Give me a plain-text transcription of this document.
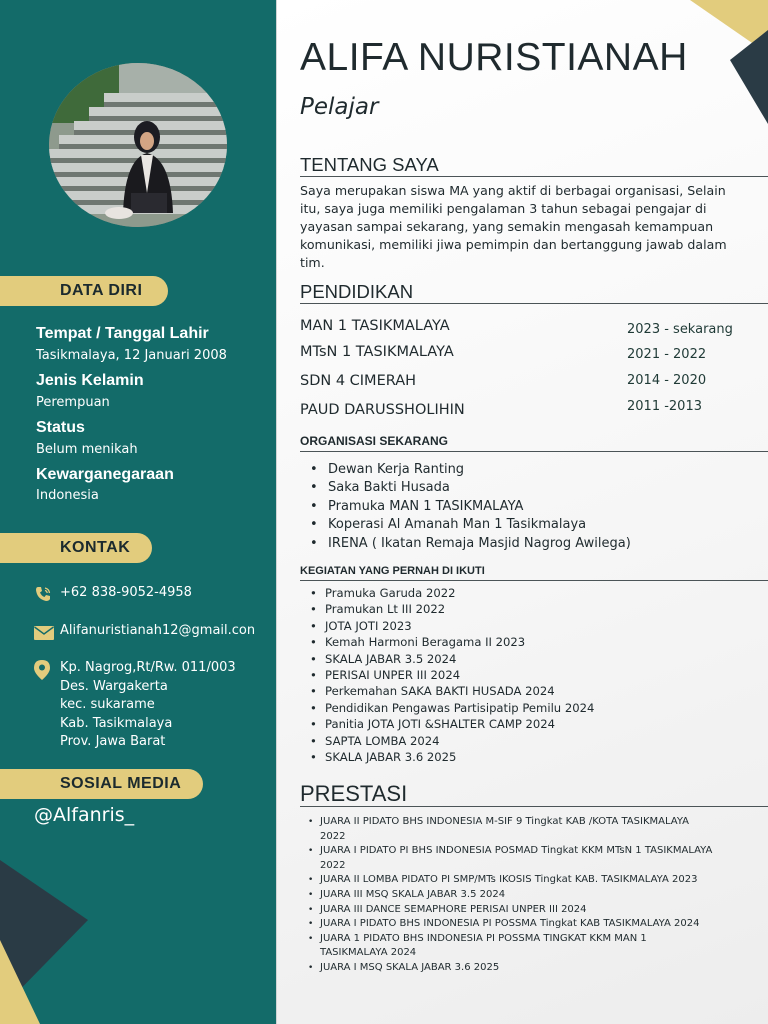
DATA DIRI
Tempat / Tanggal Lahir
Tasikmalaya, 12 Januari 2008
Jenis Kelamin
Perempuan
Status
Belum menikah
Kewarganegaraan
Indonesia
KONTAK
+62 838-9052-4958
Alifanuristianah12@gmail.con
Kp. Nagrog,Rt/Rw. 011/003
Des. Wargakerta
kec. sukarame
Kab. Tasikmalaya
Prov. Jawa Barat
SOSIAL MEDIA
@Alfanris_
ALIFA NURISTIANAH
Pelajar
TENTANG SAYA
Saya merupakan siswa MA yang aktif di berbagai organisasi, Selain itu, saya juga memiliki pengalaman 3 tahun sebagai pengajar di yayasan sampai sekarang, yang semakin mengasah kemampuan komunikasi, memiliki jiwa pemimpin dan bertanggung jawab dalam tim.
PENDIDIKAN
MAN 1 TASIKMALAYA	2023 - sekarang
MTsN 1 TASIKMALAYA	2021 - 2022
SDN 4 CIMERAH	2014 - 2020
PAUD DARUSSHOLIHIN	2011 -2013
ORGANISASI SEKARANG
• Dewan Kerja Ranting
• Saka Bakti Husada
• Pramuka MAN 1 TASIKMALAYA
• Koperasi Al Amanah Man 1 Tasikmalaya
• IRENA ( Ikatan Remaja Masjid Nagrog Awilega)
KEGIATAN YANG PERNAH DI IKUTI
• Pramuka Garuda 2022
• Pramukan Lt III 2022
• JOTA JOTI 2023
• Kemah Harmoni Beragama II 2023
• SKALA JABAR 3.5 2024
• PERISAI UNPER III 2024
• Perkemahan SAKA BAKTI HUSADA 2024
• Pendidikan Pengawas Partisipatip Pemilu 2024
• Panitia JOTA JOTI &SHALTER CAMP 2024
• SAPTA LOMBA 2024
• SKALA JABAR 3.6 2025
PRESTASI
• JUARA II PIDATO BHS INDONESIA M-SIF 9 Tingkat KAB /KOTA TASIKMALAYA 2022
• JUARA I PIDATO PI BHS INDONESIA POSMAD Tingkat KKM MTsN 1 TASIKMALAYA 2022
• JUARA II LOMBA PIDATO PI SMP/MTs IKOSIS Tingkat KAB. TASIKMALAYA 2023
• JUARA III MSQ SKALA JABAR 3.5 2024
• JUARA III DANCE SEMAPHORE PERISAI UNPER III 2024
• JUARA I PIDATO BHS INDONESIA PI POSSMA Tingkat KAB TASIKMALAYA 2024
• JUARA 1 PIDATO BHS INDONESIA PI POSSMA TINGKAT KKM MAN 1 TASIKMALAYA 2024
• JUARA I MSQ SKALA JABAR 3.6 2025
